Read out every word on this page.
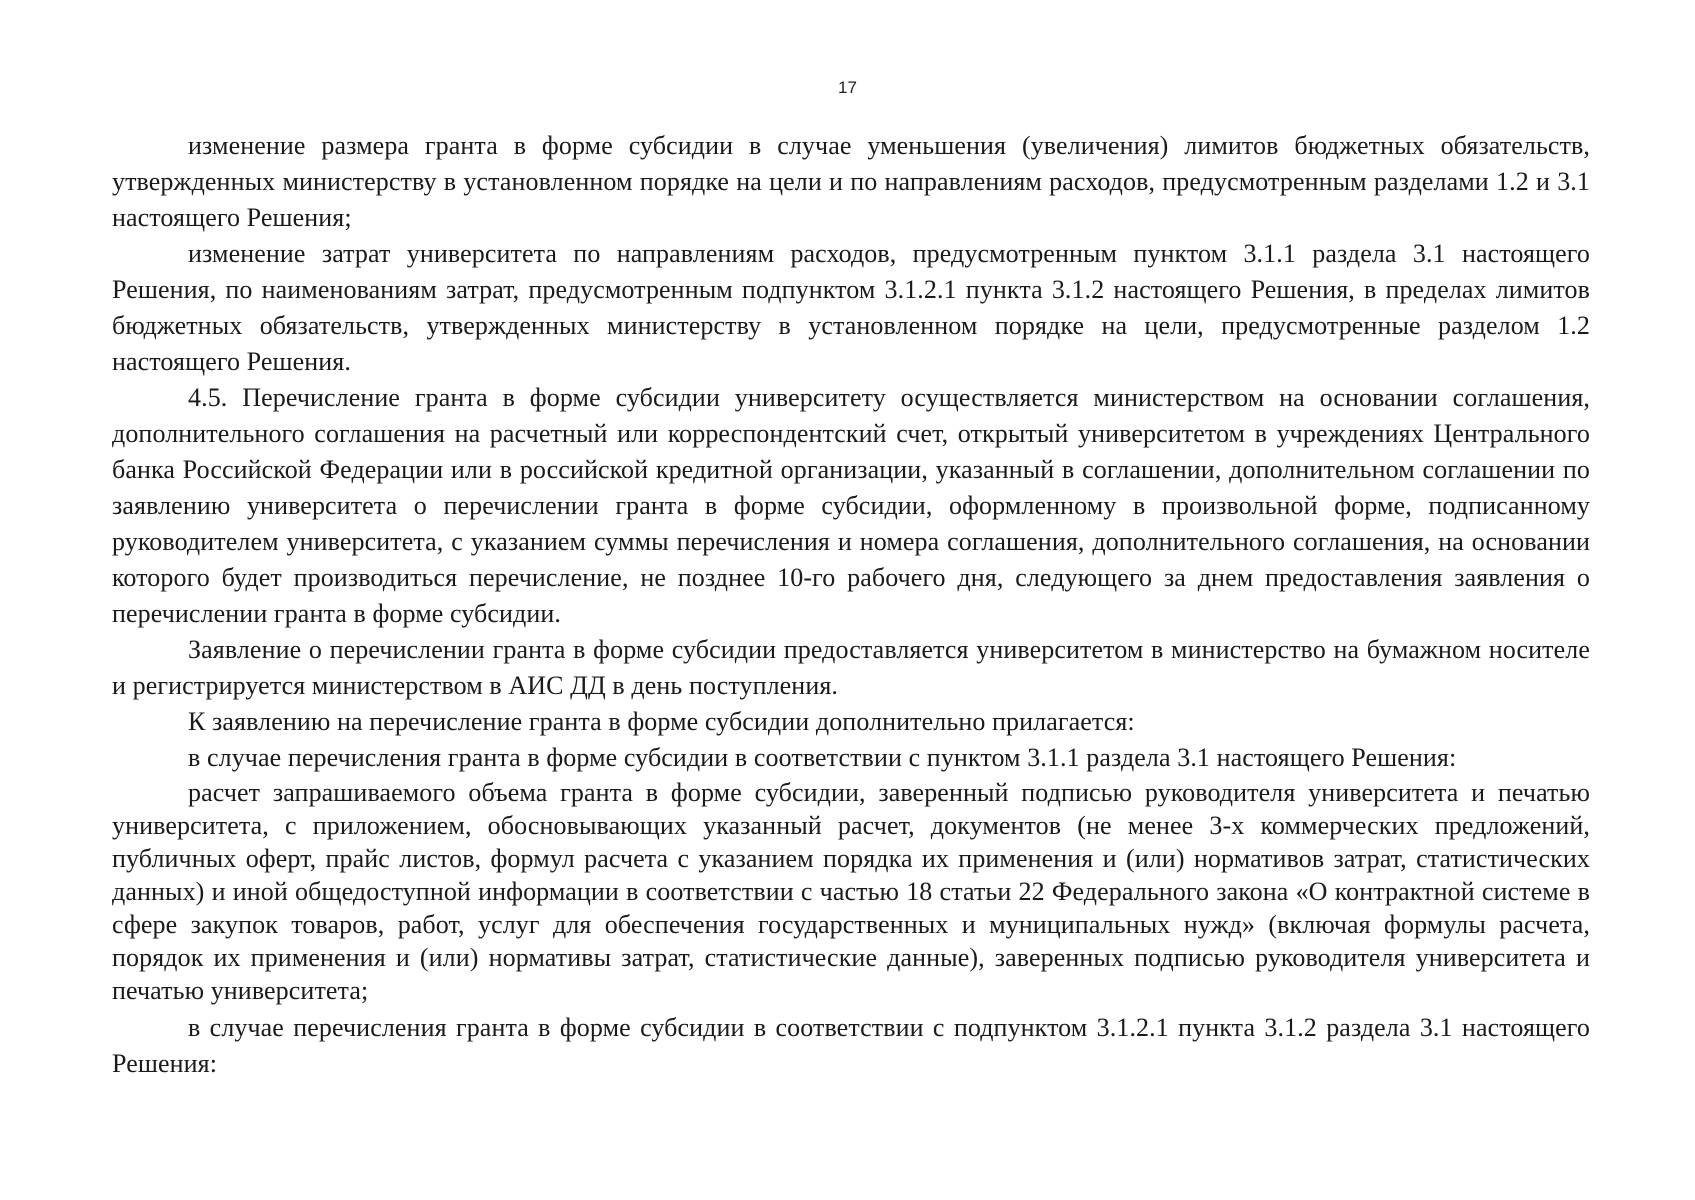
17

изменение размера гранта в форме субсидии в случае уменьшения (увеличения) лимитов бюджетных обязательств, утвержденных министерству в установленном порядке на цели и по направлениям расходов, предусмотренным разделами 1.2 и 3.1 настоящего Решения;

изменение затрат университета по направлениям расходов, предусмотренным пунктом 3.1.1 раздела 3.1 настоящего Решения, по наименованиям затрат, предусмотренным подпунктом 3.1.2.1 пункта 3.1.2 настоящего Решения, в пределах лимитов бюджетных обязательств, утвержденных министерству в установленном порядке на цели, предусмотренные разделом 1.2 настоящего Решения.

4.5. Перечисление гранта в форме субсидии университету осуществляется министерством на основании соглашения, дополнительного соглашения на расчетный или корреспондентский счет, открытый университетом в учреждениях Центрального банка Российской Федерации или в российской кредитной организации, указанный в соглашении, дополнительном соглашении по заявлению университета о перечислении гранта в форме субсидии, оформленному в произвольной форме, подписанному руководителем университета, с указанием суммы перечисления и номера соглашения, дополнительного соглашения, на основании которого будет производиться перечисление, не позднее 10-го рабочего дня, следующего за днем предоставления заявления о перечислении гранта в форме субсидии.

Заявление о перечислении гранта в форме субсидии предоставляется университетом в министерство на бумажном носителе и регистрируется министерством в АИС ДД в день поступления.

К заявлению на перечисление гранта в форме субсидии дополнительно прилагается:

в случае перечисления гранта в форме субсидии в соответствии с пунктом 3.1.1 раздела 3.1 настоящего Решения:

расчет запрашиваемого объема гранта в форме субсидии, заверенный подписью руководителя университета и печатью университета, с приложением, обосновывающих указанный расчет, документов (не менее 3-х коммерческих предложений, публичных оферт, прайс листов, формул расчета с указанием порядка их применения и (или) нормативов затрат, статистических данных) и иной общедоступной информации в соответствии с частью 18 статьи 22 Федерального закона «О контрактной системе в сфере закупок товаров, работ, услуг для обеспечения государственных и муниципальных нужд» (включая формулы расчета, порядок их применения и (или) нормативы затрат, статистические данные), заверенных подписью руководителя университета и печатью университета;

в случае перечисления гранта в форме субсидии в соответствии с подпунктом 3.1.2.1 пункта 3.1.2 раздела 3.1 настоящего Решения:
